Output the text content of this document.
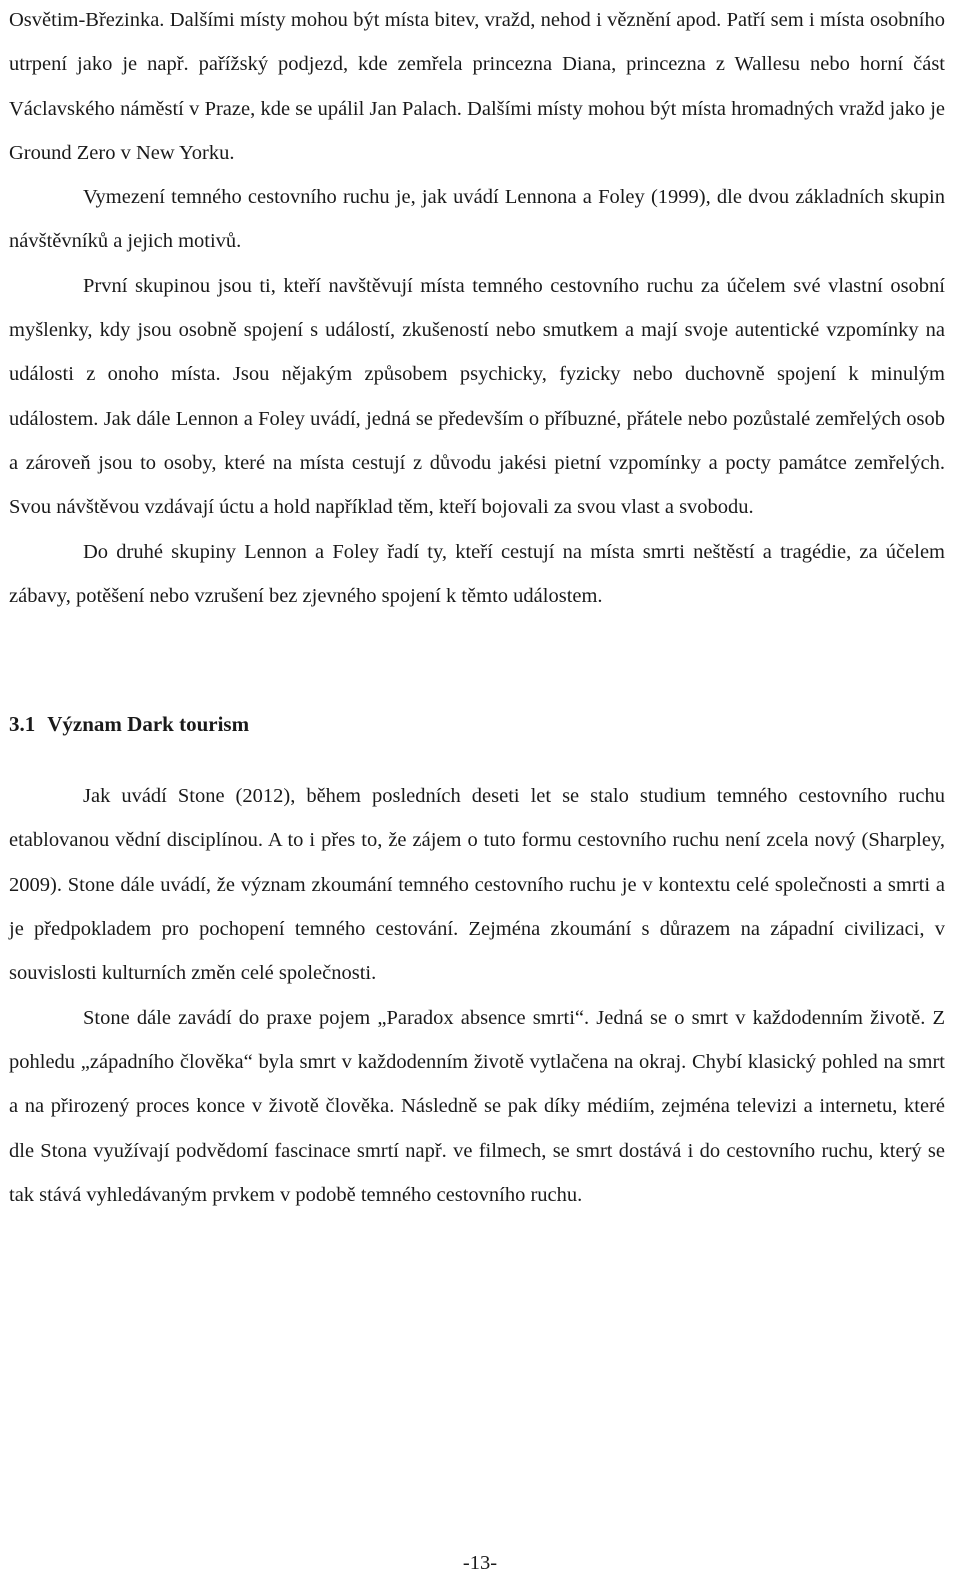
Osvětim-Březinka. Dalšími místy mohou být místa bitev, vražd, nehod i věznění apod. Patří sem i místa osobního utrpení jako je např. pařížský podjezd, kde zemřela princezna Diana, princezna z Wallesu nebo horní část Václavského náměstí v Praze, kde se upálil Jan Palach. Dalšími místy mohou být místa hromadných vražd jako je Ground Zero v New Yorku.

Vymezení temného cestovního ruchu je, jak uvádí Lennona a Foley (1999), dle dvou základních skupin návštěvníků a jejich motivů.

První skupinou jsou ti, kteří navštěvují místa temného cestovního ruchu za účelem své vlastní osobní myšlenky, kdy jsou osobně spojení s událostí, zkušeností nebo smutkem a mají svoje autentické vzpomínky na události z onoho místa. Jsou nějakým způsobem psychicky, fyzicky nebo duchovně spojení k minulým událostem. Jak dále Lennon a Foley uvádí, jedná se především o příbuzné, přátele nebo pozůstalé zemřelých osob a zároveň jsou to osoby, které na místa cestují z důvodu jakési pietní vzpomínky a pocty památce zemřelých. Svou návštěvou vzdávají úctu a hold například těm, kteří bojovali za svou vlast a svobodu.

Do druhé skupiny Lennon a Foley řadí ty, kteří cestují na místa smrti neštěstí a tragédie, za účelem zábavy, potěšení nebo vzrušení bez zjevného spojení k těmto událostem.

3.1 Význam Dark tourism

Jak uvádí Stone (2012), během posledních deseti let se stalo studium temného cestovního ruchu etablovanou vědní disciplínou. A to i přes to, že zájem o tuto formu cestovního ruchu není zcela nový (Sharpley, 2009). Stone dále uvádí, že význam zkoumání temného cestovního ruchu je v kontextu celé společnosti a smrti a je předpokladem pro pochopení temného cestování. Zejména zkoumání s důrazem na západní civilizaci, v souvislosti kulturních změn celé společnosti.

Stone dále zavádí do praxe pojem „Paradox absence smrti“. Jedná se o smrt v každodenním životě. Z pohledu „západního člověka“ byla smrt v každodenním životě vytlačena na okraj. Chybí klasický pohled na smrt a na přirozený proces konce v životě člověka. Následně se pak díky médiím, zejména televizi a internetu, které dle Stona využívají podvědomí fascinace smrtí např. ve filmech, se smrt dostává i do cestovního ruchu, který se tak stává vyhledávaným prvkem v podobě temného cestovního ruchu.

-13-
